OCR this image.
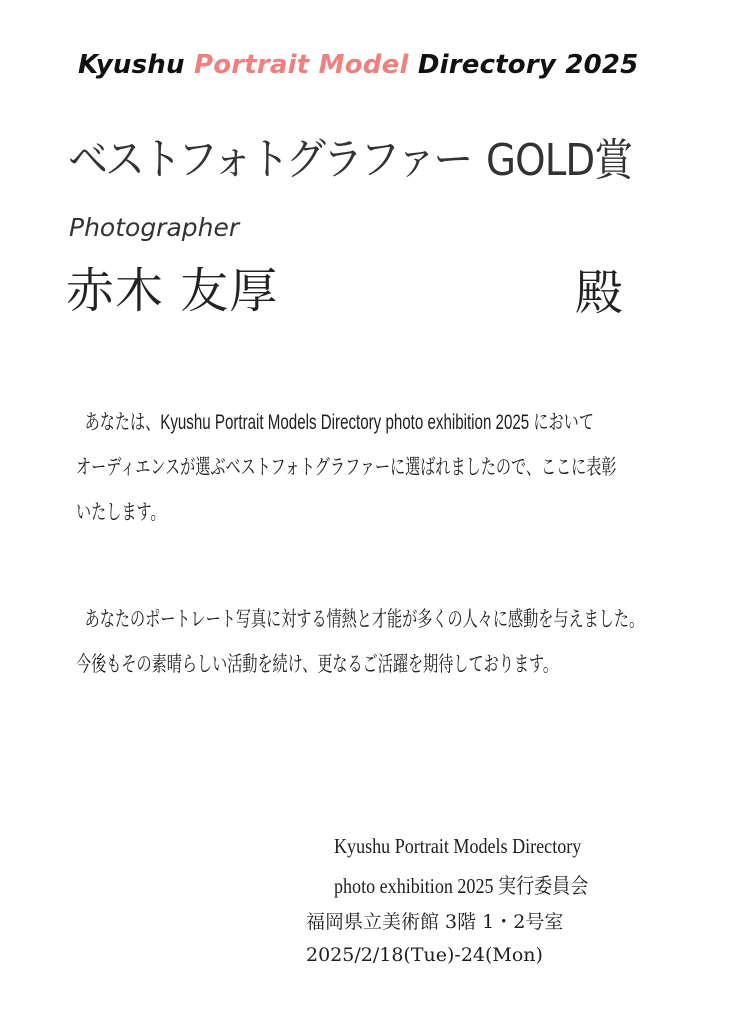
Kyushu Portrait Model Directory 2025
ベストフォトグラファー GOLD賞
Photographer
赤木 友厚	殿
あなたは、Kyushu Portrait Models Directory photo exhibition 2025 において
オーディエンスが選ぶベストフォトグラファーに選ばれましたので、ここに表彰
いたします。
あなたのポートレート写真に対する情熱と才能が多くの人々に感動を与えました。
今後もその素晴らしい活動を続け、更なるご活躍を期待しております。
Kyushu Portrait Models Directory
photo exhibition 2025 実行委員会
福岡県立美術館 3階 1・2号室
2025/2/18(Tue)-24(Mon)
